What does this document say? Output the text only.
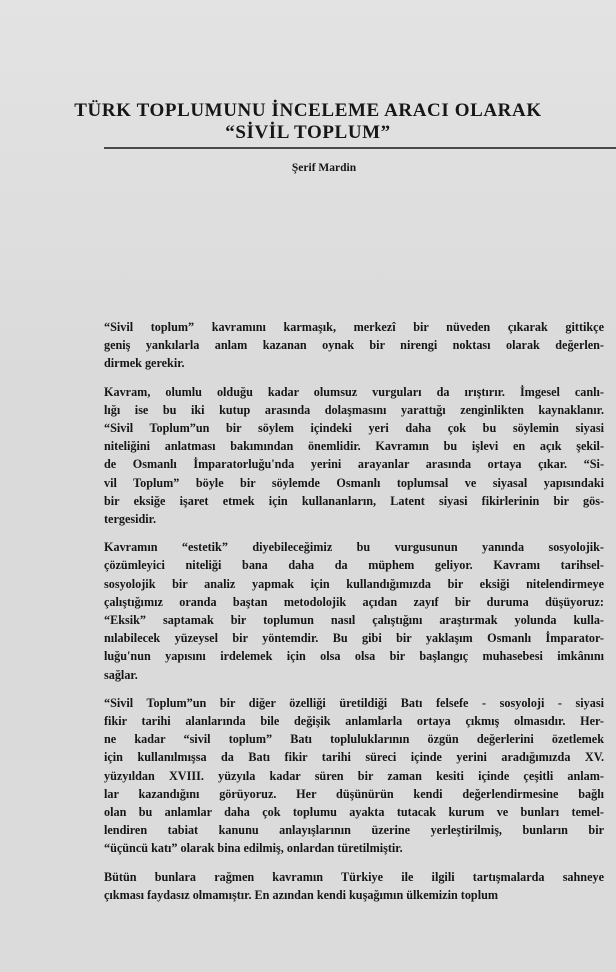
TÜRK TOPLUMUNU İNCELEME ARACI OLARAK
“SİVİL TOPLUM”
Şerif Mardin

“Sivil toplum” kavramını karmaşık, merkezî bir nüveden çıkarak gittikçe
geniş yankılarla anlam kazanan oynak bir nirengi noktası olarak değerlen-
dirmek gerekir.

Kavram, olumlu olduğu kadar olumsuz vurguları da ırıştırır. İmgesel canlı-
lığı ise bu iki kutup arasında dolaşmasını yarattığı zenginlikten kaynaklanır.
“Sivil Toplum”un bir söylem içindeki yeri daha çok bu söylemin siyasi
niteliğini anlatması bakımından önemlidir. Kavramın bu işlevi en açık şekil-
de Osmanlı İmparatorluğu'nda yerini arayanlar arasında ortaya çıkar. “Si-
vil Toplum” böyle bir söylemde Osmanlı toplumsal ve siyasal yapısındaki
bir eksiğe işaret etmek için kullananların, Latent siyasi fikirlerinin bir gös-
tergesidir.

Kavramın “estetik” diyebileceğimiz bu vurgusunun yanında sosyolojik-
çözümleyici niteliği bana daha da müphem geliyor. Kavramı tarihsel-
sosyolojik bir analiz yapmak için kullandığımızda bir eksiği nitelendirmeye
çalıştığımız oranda baştan metodolojik açıdan zayıf bir duruma düşüyoruz:
“Eksik” saptamak bir toplumun nasıl çalıştığını araştırmak yolunda kulla-
nılabilecek yüzeysel bir yöntemdir. Bu gibi bir yaklaşım Osmanlı İmparator-
luğu'nun yapısını irdelemek için olsa olsa bir başlangıç muhasebesi imkânını
sağlar.

“Sivil Toplum”un bir diğer özelliği üretildiği Batı felsefe - sosyoloji - siyasi
fikir tarihi alanlarında bile değişik anlamlarla ortaya çıkmış olmasıdır. Her-
ne kadar “sivil toplum” Batı topluluklarının özgün değerlerini özetlemek
için kullanılmışsa da Batı fikir tarihi süreci içinde yerini aradığımızda XV.
yüzyıldan XVIII. yüzyıla kadar süren bir zaman kesiti içinde çeşitli anlam-
lar kazandığını görüyoruz. Her düşünürün kendi değerlendirmesine bağlı
olan bu anlamlar daha çok toplumu ayakta tutacak kurum ve bunları temel-
lendiren tabiat kanunu anlayışlarının üzerine yerleştirilmiş, bunların bir
“üçüncü katı” olarak bina edilmiş, onlardan türetilmiştir.

Bütün bunlara rağmen kavramın Türkiye ile ilgili tartışmalarda sahneye
çıkması faydasız olmamıştır. En azından kendi kuşağımın ülkemizin toplum
